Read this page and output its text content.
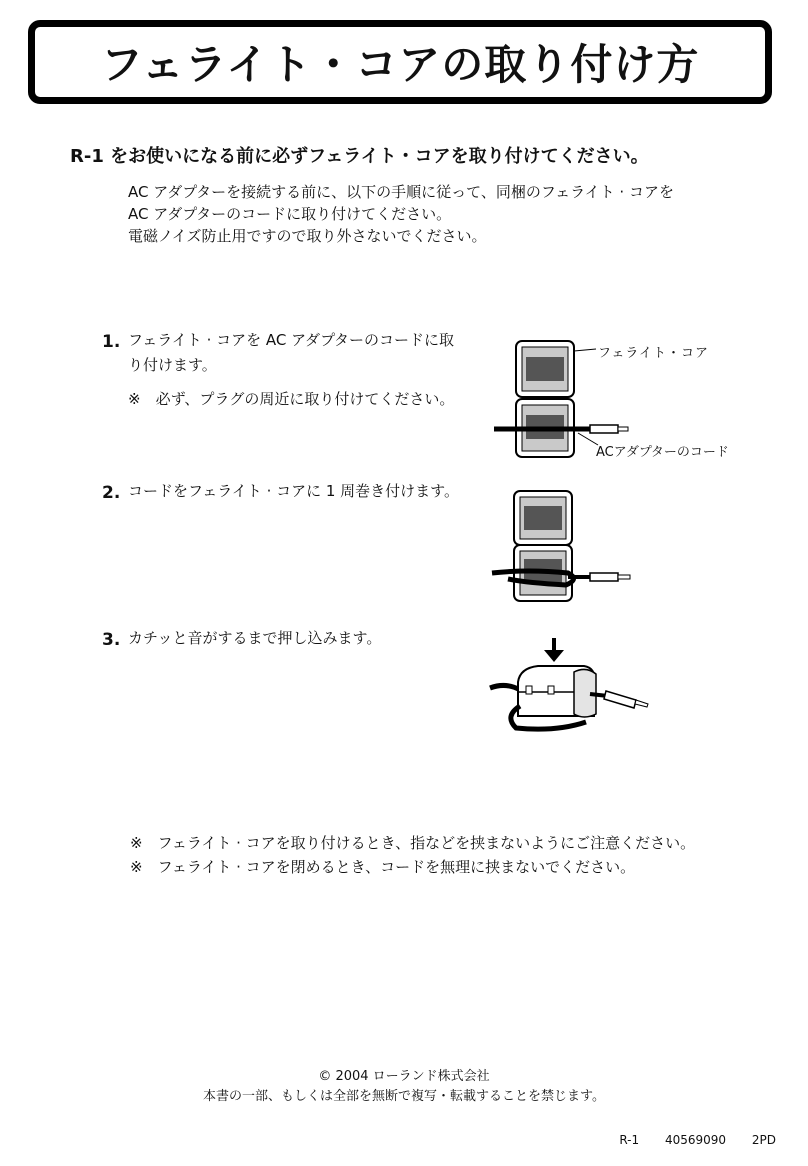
フェライト・コアの取り付け方
R-1 をお使いになる前に必ずフェライト・コアを取り付けてください。
AC アダプターを接続する前に、以下の手順に従って、同梱のフェライト · コアを
AC アダプターのコードに取り付けてください。
電磁ノイズ防止用ですので取り外さないでください。
1. フェライト · コアを AC アダプターのコードに取
り付けます。
※　必ず、プラグの周近に取り付けてください。
フェライト・コア
ACアダプターのコード
2. コードをフェライト · コアに 1 周巻き付けます。
3. カチッと音がするまで押し込みます。
※　フェライト · コアを取り付けるとき、指などを挟まないようにご注意ください。
※　フェライト · コアを閉めるとき、コードを無理に挟まないでください。
© 2004 ローランド株式会社
本書の一部、もしくは全部を無断で複写・転載することを禁じます。
R-1 40569090 2PD
